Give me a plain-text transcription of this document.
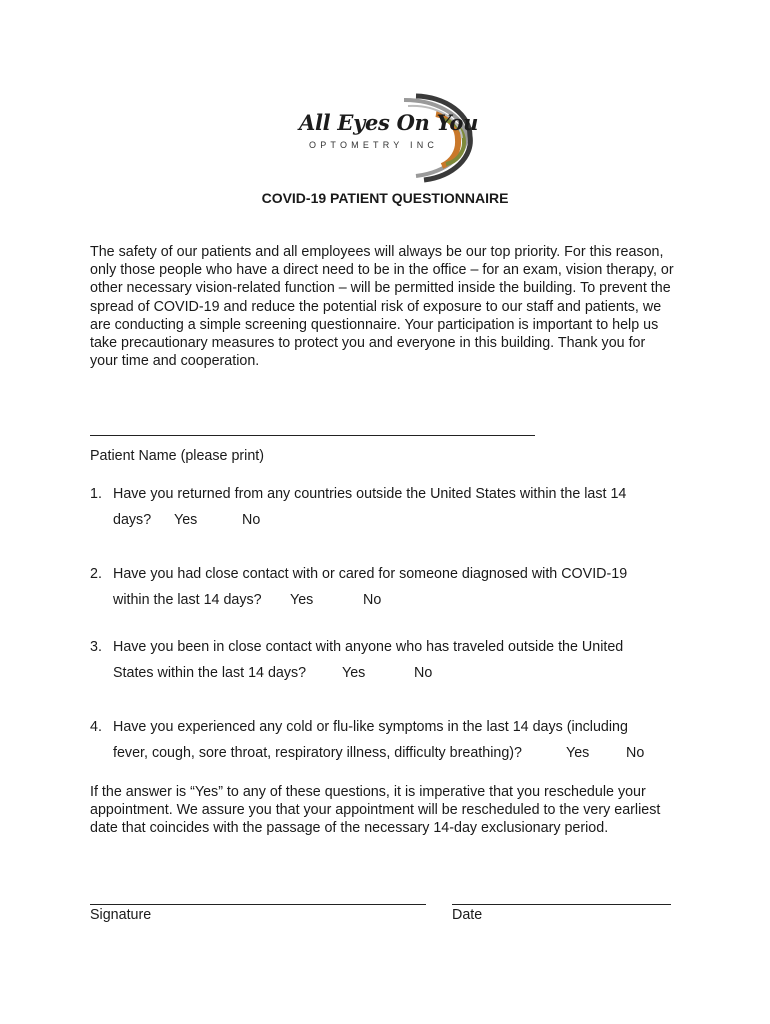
All Eyes On You
OPTOMETRY INC
COVID-19 PATIENT QUESTIONNAIRE
The safety of our patients and all employees will always be our top priority. For this reason, only those people who have a direct need to be in the office – for an exam, vision therapy, or other necessary vision-related function – will be permitted inside the building. To prevent the spread of COVID-19 and reduce the potential risk of exposure to our staff and patients, we are conducting a simple screening questionnaire. Your participation is important to help us take precautionary measures to protect you and everyone in this building. Thank you for your time and cooperation.
Patient Name (please print)
1. Have you returned from any countries outside the United States within the last 14
days? Yes	No
2. Have you had close contact with or cared for someone diagnosed with COVID-19
within the last 14 days? Yes	No
3. Have you been in close contact with anyone who has traveled outside the United
States within the last 14 days?	Yes	No
4. Have you experienced any cold or flu-like symptoms in the last 14 days (including
fever, cough, sore throat, respiratory illness, difficulty breathing)?	Yes	No
If the answer is “Yes” to any of these questions, it is imperative that you reschedule your appointment. We assure you that your appointment will be rescheduled to the very earliest date that coincides with the passage of the necessary 14-day exclusionary period.
Signature	Date
